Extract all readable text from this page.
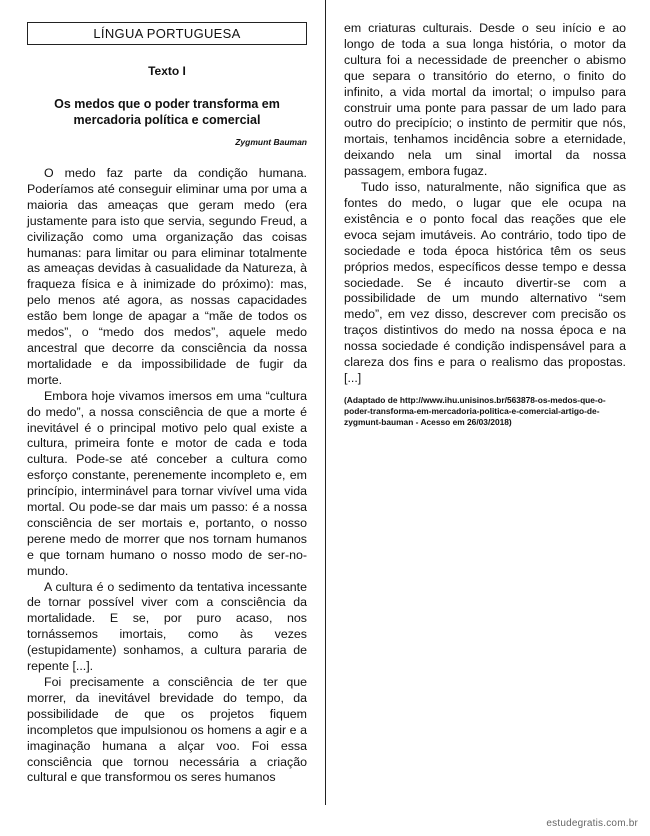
LÍNGUA PORTUGUESA
Texto I
Os medos que o poder transforma em mercadoria política e comercial
Zygmunt Bauman

O medo faz parte da condição humana. Poderíamos até conseguir eliminar uma por uma a maioria das ameaças que geram medo (era justamente para isto que servia, segundo Freud, a civilização como uma organização das coisas humanas: para limitar ou para eliminar totalmente as ameaças devidas à casualidade da Natureza, à fraqueza física e à inimizade do próximo): mas, pelo menos até agora, as nossas capacidades estão bem longe de apagar a “mãe de todos os medos”, o “medo dos medos”, aquele medo ancestral que decorre da consciência da nossa mortalidade e da impossibilidade de fugir da morte.

Embora hoje vivamos imersos em uma “cultura do medo”, a nossa consciência de que a morte é inevitável é o principal motivo pelo qual existe a cultura, primeira fonte e motor de cada e toda cultura. Pode-se até conceber a cultura como esforço constante, perenemente incompleto e, em princípio, interminável para tornar vivível uma vida mortal. Ou pode-se dar mais um passo: é a nossa consciência de ser mortais e, portanto, o nosso perene medo de morrer que nos tornam humanos e que tornam humano o nosso modo de ser-no-mundo.

A cultura é o sedimento da tentativa incessante de tornar possível viver com a consciência da mortalidade. E se, por puro acaso, nos tornássemos imortais, como às vezes (estupidamente) sonhamos, a cultura pararia de repente [...].

Foi precisamente a consciência de ter que morrer, da inevitável brevidade do tempo, da possibilidade de que os projetos fiquem incompletos que impulsionou os homens a agir e a imaginação humana a alçar voo. Foi essa consciência que tornou necessária a criação cultural e que transformou os seres humanos

em criaturas culturais. Desde o seu início e ao longo de toda a sua longa história, o motor da cultura foi a necessidade de preencher o abismo que separa o transitório do eterno, o finito do infinito, a vida mortal da imortal; o impulso para construir uma ponte para passar de um lado para outro do precipício; o instinto de permitir que nós, mortais, tenhamos incidência sobre a eternidade, deixando nela um sinal imortal da nossa passagem, embora fugaz.

Tudo isso, naturalmente, não significa que as fontes do medo, o lugar que ele ocupa na existência e o ponto focal das reações que ele evoca sejam imutáveis. Ao contrário, todo tipo de sociedade e toda época histórica têm os seus próprios medos, específicos desse tempo e dessa sociedade. Se é incauto divertir-se com a possibilidade de um mundo alternativo “sem medo”, em vez disso, descrever com precisão os traços distintivos do medo na nossa época e na nossa sociedade é condição indispensável para a clareza dos fins e para o realismo das propostas. [...]

(Adaptado de http://www.ihu.unisinos.br/563878-os-medos-que-o-poder-transforma-em-mercadoria-politica-e-comercial-artigo-de-zygmunt-bauman - Acesso em 26/03/2018)
estudegratis.com.br
